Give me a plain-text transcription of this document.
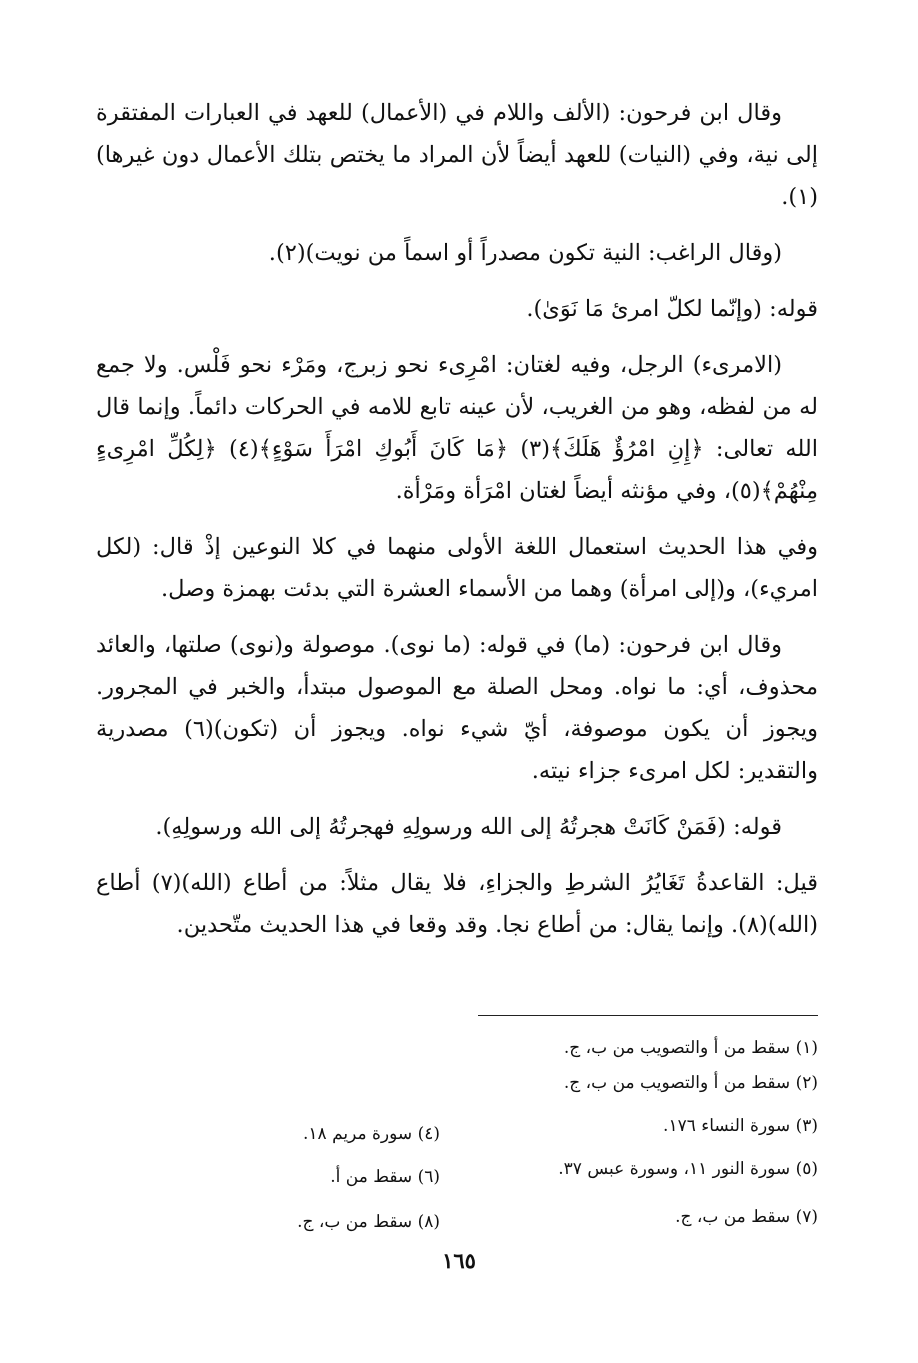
وقال ابن فرحون: (الألف واللام في (الأعمال) للعهد في العبارات المفتقرة إلى نية، وفي (النيات) للعهد أيضاً لأن المراد ما يختص بتلك الأعمال دون غيرها)(١).

(وقال الراغب: النية تكون مصدراً أو اسماً من نويت)(٢).

قوله: (وإنّما لكلّ امرئ مَا نَوَىٰ).

(الامرىء) الرجل، وفيه لغتان: امْرِىء نحو زبرج، ومَرْء نحو فَلْس. ولا جمع له من لفظه، وهو من الغريب، لأن عينه تابع للامه في الحركات دائماً. وإنما قال الله تعالى: ﴿إِنِ امْرُؤٌ هَلَكَ﴾(٣) ﴿مَا كَانَ أَبُوكِ امْرَأَ سَوْءٍ﴾(٤) ﴿لِكُلِّ امْرِىءٍ مِنْهُمْ﴾(٥)، وفي مؤنثه أيضاً لغتان امْرَأة ومَرْأة.

وفي هذا الحديث استعمال اللغة الأولى منهما في كلا النوعين إذْ قال: (لكل امريء)، و(إلى امرأة) وهما من الأسماء العشرة التي بدئت بهمزة وصل.

وقال ابن فرحون: (ما) في قوله: (ما نوى). موصولة و(نوى) صلتها، والعائد محذوف، أي: ما نواه. ومحل الصلة مع الموصول مبتدأ، والخبر في المجرور. ويجوز أن يكون موصوفة، أيّ شيء نواه. ويجوز أن (تكون)(٦) مصدرية والتقدير: لكل امرىء جزاء نيته.

قوله: (فَمَنْ كَانَتْ هجرتُهُ إلى الله ورسولِهِ فهجرتُهُ إلى الله ورسولِهِ).

قيل: القاعدةُ تَغَايُرُ الشرطِ والجزاءِ، فلا يقال مثلاً: من أطاع (الله)(٧) أطاع (الله)(٨). وإنما يقال: من أطاع نجا. وقد وقعا في هذا الحديث متّحدين.

(١) سقط من أ والتصويب من ب، ج.
(٢) سقط من أ والتصويب من ب، ج.
(٣) سورة النساء ١٧٦.
(٤) سورة مريم ١٨.
(٥) سورة النور ١١، وسورة عبس ٣٧.
(٦) سقط من أ.
(٧) سقط من ب، ج.
(٨) سقط من ب، ج.
١٦٥
